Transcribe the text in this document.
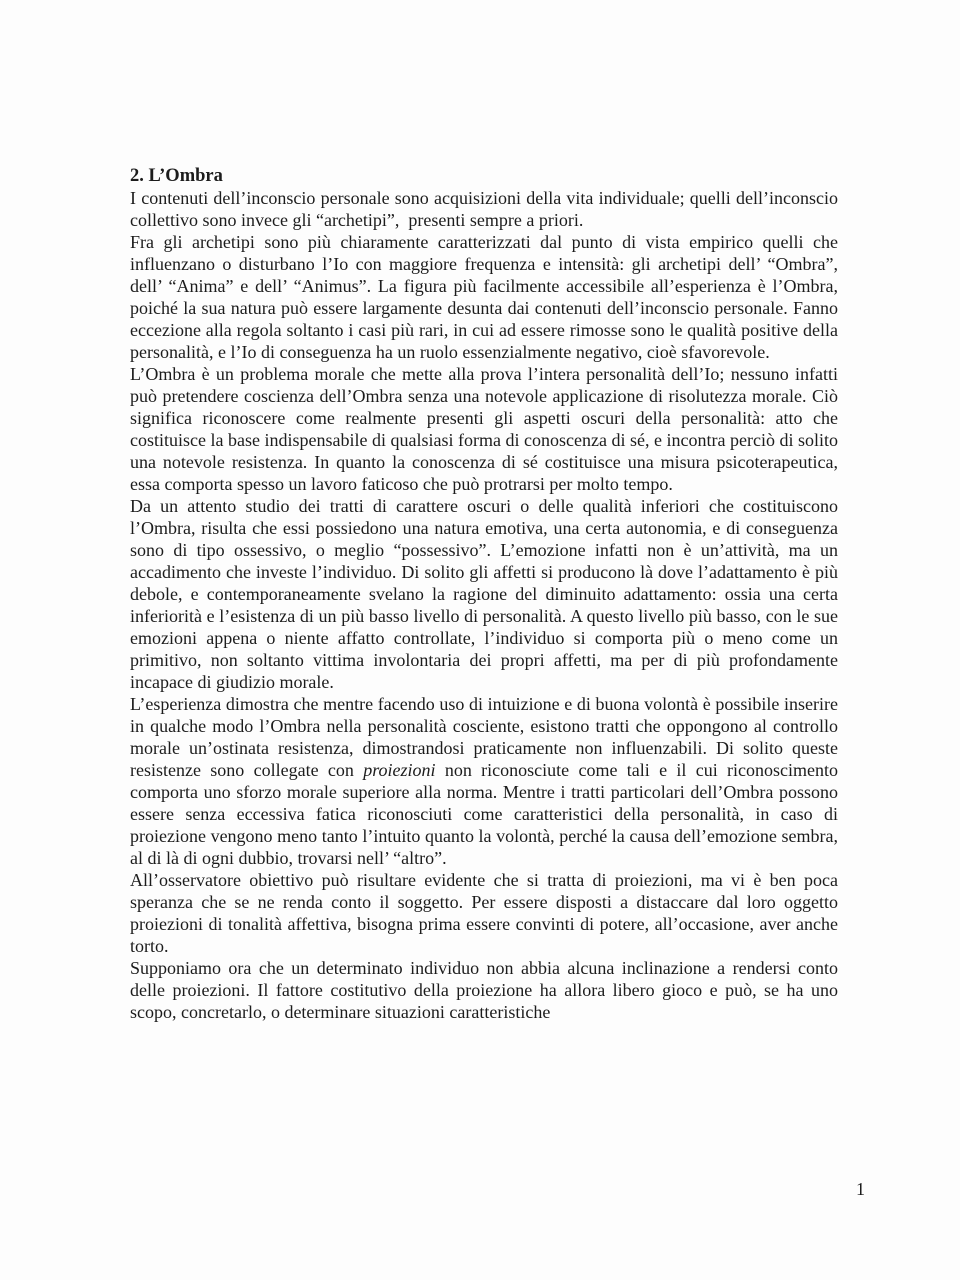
2. L’Ombra

I contenuti dell’inconscio personale sono acquisizioni della vita individuale; quelli dell’inconscio collettivo sono invece gli “archetipi”,  presenti sempre a priori.

Fra gli archetipi sono più chiaramente caratterizzati dal punto di vista empirico quelli che influenzano o disturbano l’Io con maggiore frequenza e intensità: gli archetipi dell’ “Ombra”, dell’ “Anima” e dell’ “Animus”. La figura più facilmente accessibile all’esperienza è l’Ombra, poiché la sua natura può essere largamente desunta dai contenuti dell’inconscio personale. Fanno eccezione alla regola soltanto i casi più rari, in cui ad essere rimosse sono le qualità positive della personalità, e l’Io di conseguenza ha un ruolo essenzialmente negativo, cioè sfavorevole.

L’Ombra è un problema morale che mette alla prova l’intera personalità dell’Io; nessuno infatti può pretendere coscienza dell’Ombra senza una notevole applicazione di risolutezza morale. Ciò significa riconoscere come realmente presenti gli aspetti oscuri della personalità: atto che costituisce la base indispensabile di qualsiasi forma di conoscenza di sé, e incontra perciò di solito una notevole resistenza. In quanto la conoscenza di sé costituisce una misura psicoterapeutica, essa comporta spesso un lavoro faticoso che può protrarsi per molto tempo.

Da un attento studio dei tratti di carattere oscuri o delle qualità inferiori che costituiscono l’Ombra, risulta che essi possiedono una natura emotiva, una certa autonomia, e di conseguenza sono di tipo ossessivo, o meglio “possessivo”. L’emozione infatti non è un’attività, ma un accadimento che investe l’individuo. Di solito gli affetti si producono là dove l’adattamento è più debole, e contemporaneamente svelano la ragione del diminuito adattamento: ossia una certa inferiorità e l’esistenza di un più basso livello di personalità. A questo livello più basso, con le sue emozioni appena o niente affatto controllate, l’individuo si comporta più o meno come un primitivo, non soltanto vittima involontaria dei propri affetti, ma per di più profondamente incapace di giudizio morale.

L’esperienza dimostra che mentre facendo uso di intuizione e di buona volontà è possibile inserire in qualche modo l’Ombra nella personalità cosciente, esistono tratti che oppongono al controllo morale un’ostinata resistenza, dimostrandosi praticamente non influenzabili. Di solito queste resistenze sono collegate con proiezioni non riconosciute come tali e il cui riconoscimento comporta uno sforzo morale superiore alla norma. Mentre i tratti particolari dell’Ombra possono essere senza eccessiva fatica riconosciuti come caratteristici della personalità, in caso di proiezione vengono meno tanto l’intuito quanto la volontà, perché la causa dell’emozione sembra, al di là di ogni dubbio, trovarsi nell’ “altro”.

All’osservatore obiettivo può risultare evidente che si tratta di proiezioni, ma vi è ben poca speranza che se ne renda conto il soggetto. Per essere disposti a distaccare dal loro oggetto proiezioni di tonalità affettiva, bisogna prima essere convinti di potere, all’occasione, aver anche torto.

Supponiamo ora che un determinato individuo non abbia alcuna inclinazione a rendersi conto delle proiezioni. Il fattore costitutivo della proiezione ha allora libero gioco e può, se ha uno scopo, concretarlo, o determinare situazioni caratteristiche

1
